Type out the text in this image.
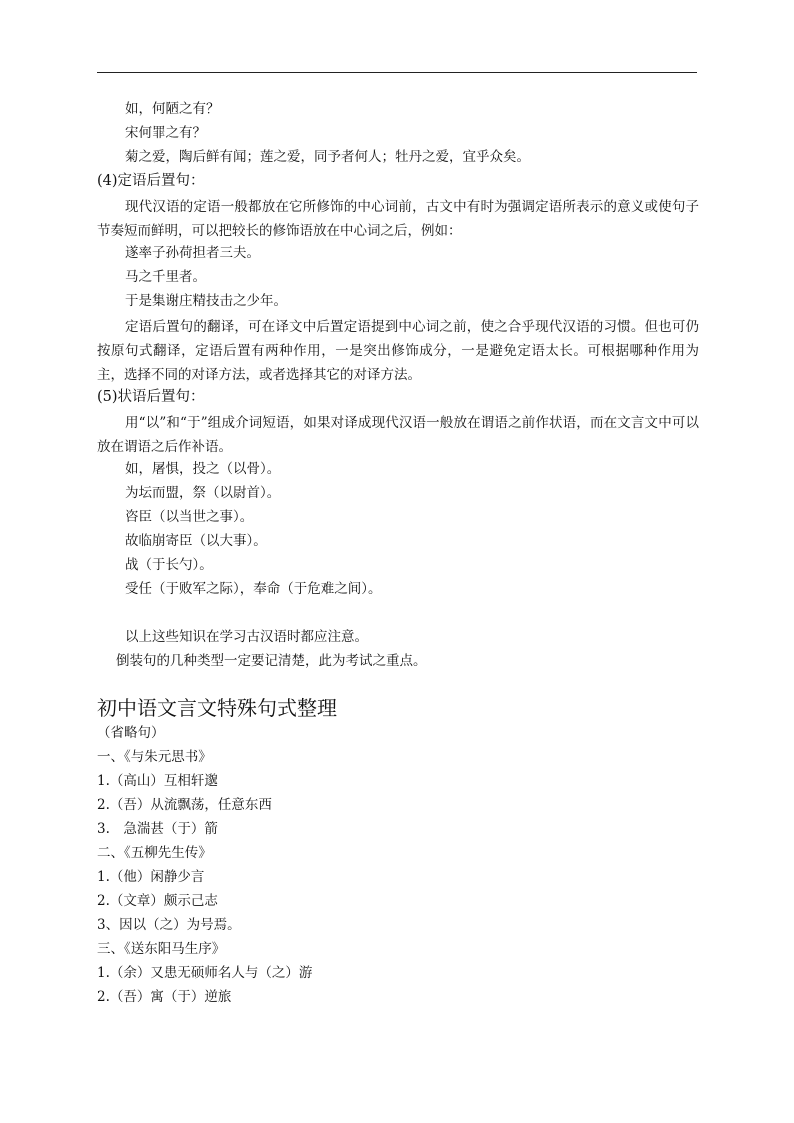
如，何陋之有？
宋何罪之有？
菊之爱，陶后鲜有闻；莲之爱，同予者何人；牡丹之爱，宜乎众矣。
(4)定语后置句：
现代汉语的定语一般都放在它所修饰的中心词前，古文中有时为强调定语所表示的意义或使句子节奏短而鲜明，可以把较长的修饰语放在中心词之后，例如：
遂率子孙荷担者三夫。
马之千里者。
于是集谢庄精技击之少年。
定语后置句的翻译，可在译文中后置定语提到中心词之前，使之合乎现代汉语的习惯。但也可仍按原句式翻译，定语后置有两种作用，一是突出修饰成分，一是避免定语太长。可根据哪种作用为主，选择不同的对译方法，或者选择其它的对译方法。
(5)状语后置句：
用“以”和“于”组成介词短语，如果对译成现代汉语一般放在谓语之前作状语，而在文言文中可以放在谓语之后作补语。
如，屠惧，投之（以骨）。
为坛而盟，祭（以尉首）。
咨臣（以当世之事）。
故临崩寄臣（以大事）。
战（于长勺）。
受任（于败军之际），奉命（于危难之间）。
以上这些知识在学习古汉语时都应注意。
倒装句的几种类型一定要记清楚，此为考试之重点。
初中语文言文特殊句式整理
（省略句）
一、《与朱元思书》
1.（高山）互相轩邈
2.（吾）从流飘荡，任意东西
3.　急湍甚（于）箭
二、《五柳先生传》
1.（他）闲静少言
2.（文章）颇示己志
3、因以（之）为号焉。
三、《送东阳马生序》
1.（余）又患无硕师名人与（之）游
2.（吾）寓（于）逆旅
